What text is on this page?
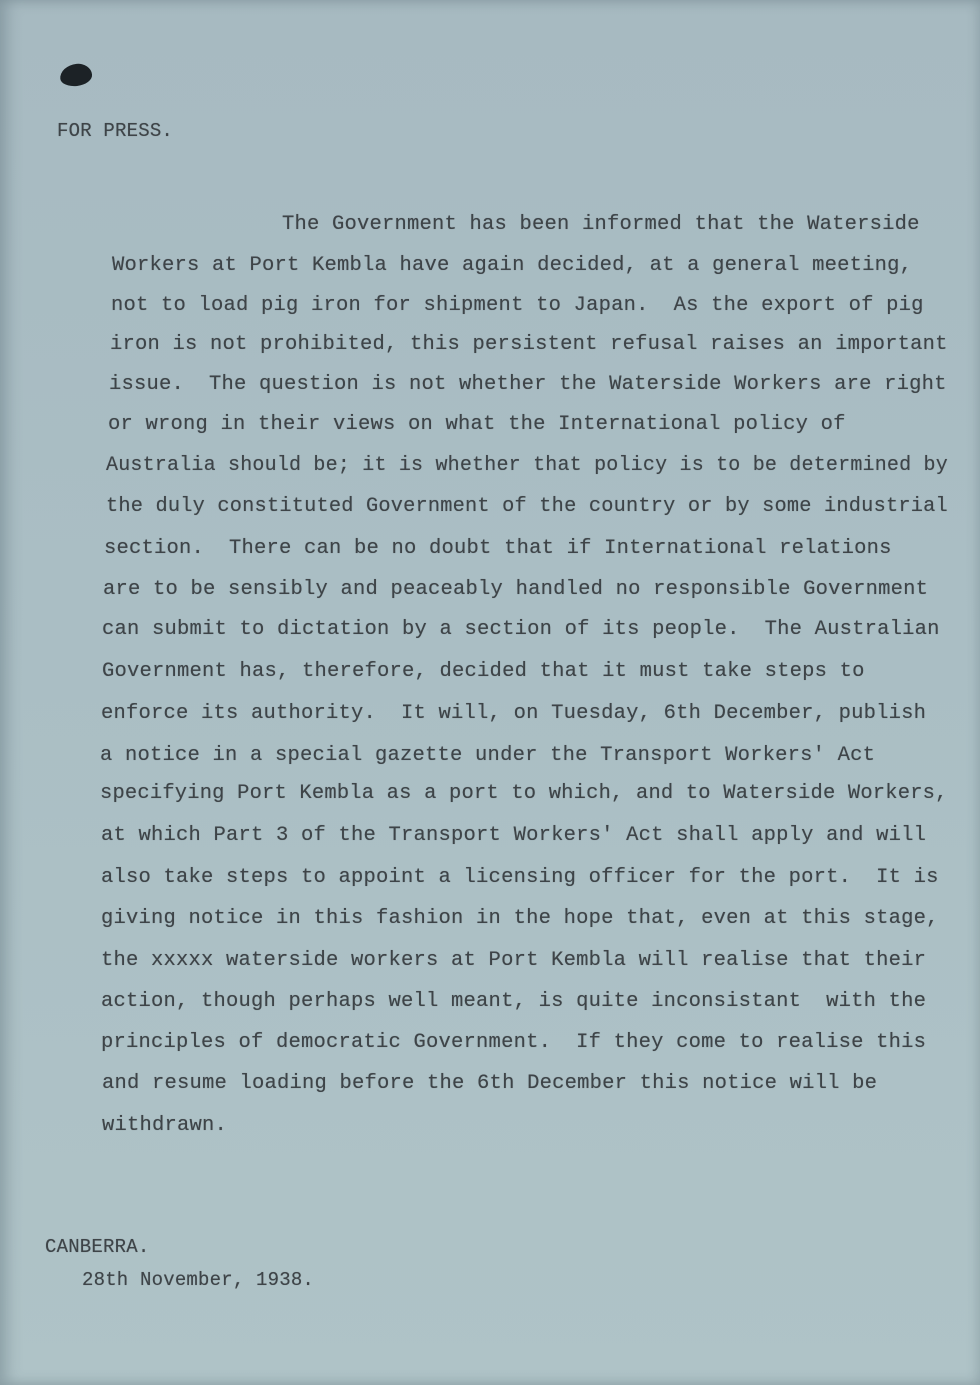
FOR PRESS.
The Government has been informed that the Waterside
Workers at Port Kembla have again decided, at a general meeting,
not to load pig iron for shipment to Japan.  As the export of pig
iron is not prohibited, this persistent refusal raises an important
issue.  The question is not whether the Waterside Workers are right
or wrong in their views on what the International policy of
Australia should be; it is whether that policy is to be determined by
the duly constituted Government of the country or by some industrial
section.  There can be no doubt that if International relations
are to be sensibly and peaceably handled no responsible Government
can submit to dictation by a section of its people.  The Australian
Government has, therefore, decided that it must take steps to
enforce its authority.  It will, on Tuesday, 6th December, publish
a notice in a special gazette under the Transport Workers' Act
specifying Port Kembla as a port to which, and to Waterside Workers,
at which Part 3 of the Transport Workers' Act shall apply and will
also take steps to appoint a licensing officer for the port.  It is
giving notice in this fashion in the hope that, even at this stage,
the xxxxx waterside workers at Port Kembla will realise that their
action, though perhaps well meant, is quite inconsistant  with the
principles of democratic Government.  If they come to realise this
and resume loading before the 6th December this notice will be
withdrawn.
CANBERRA.
28th November, 1938.
